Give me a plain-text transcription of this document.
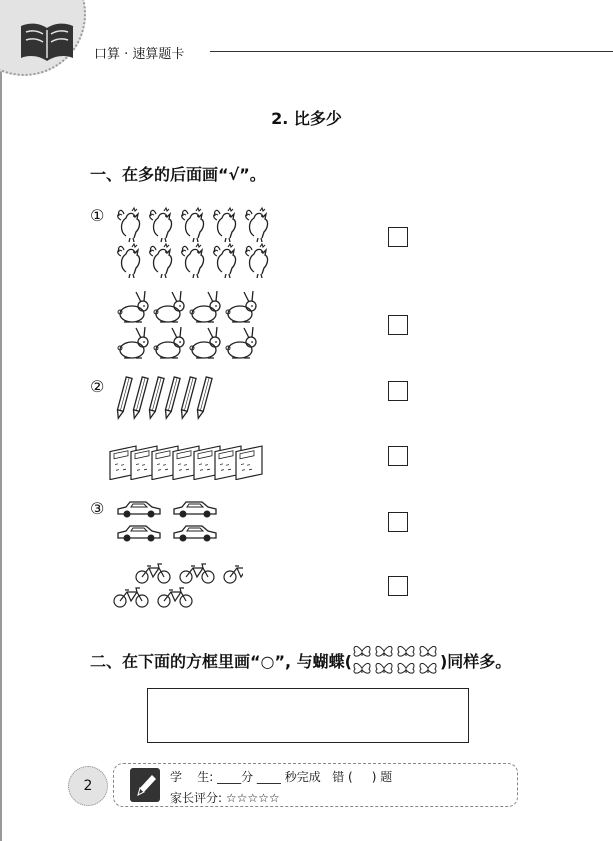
口算 · 速算题卡
2. 比多少
一、在多的后面画“√”。
①
②
③
二、在下面的方框里画“○”, 与蝴蝶(	)同样多。
2
学    生: ____分 ____ 秒完成   错 (     ) 题
家长评分: ☆☆☆☆☆
